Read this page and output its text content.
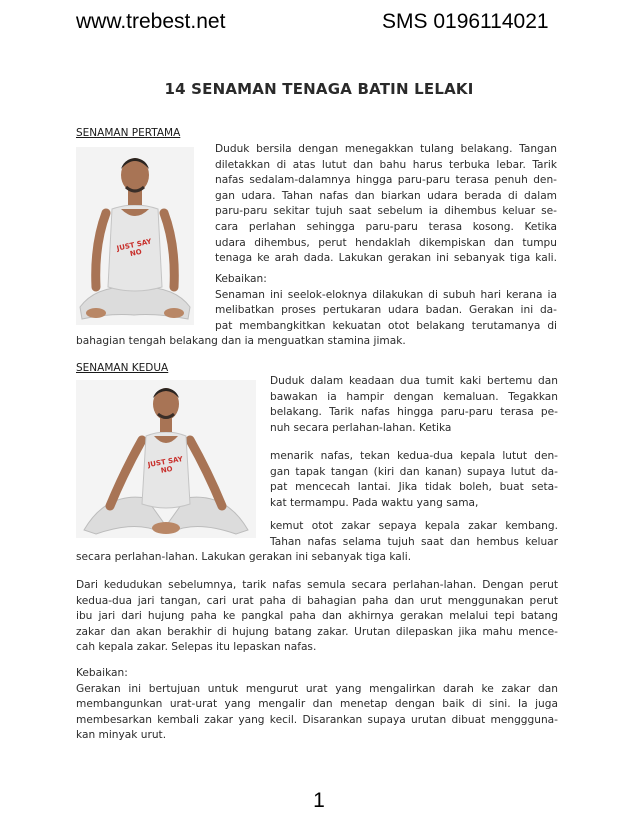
www.trebest.net	SMS 0196114021
14 SENAMAN TENAGA BATIN LELAKI
SENAMAN PERTAMA
JUST SAY NO
Duduk bersila dengan menegakkan tulang belakang. Tangan
diletakkan di atas lutut dan bahu harus terbuka lebar. Tarik
nafas sedalam-dalamnya hingga paru-paru terasa penuh den-
gan udara. Tahan nafas dan biarkan udara berada di dalam
paru-paru sekitar tujuh saat sebelum ia dihembus keluar se-
cara perlahan sehingga paru-paru terasa kosong. Ketika
udara dihembus, perut hendaklah dikempiskan dan tumpu
tenaga ke arah dada. Lakukan gerakan ini sebanyak tiga kali.
Kebaikan:
Senaman ini seelok-eloknya dilakukan di subuh hari kerana ia
melibatkan proses pertukaran udara badan. Gerakan ini da-
pat membangkitkan kekuatan otot belakang terutamanya di
bahagian tengah belakang dan ia menguatkan stamina jimak.
SENAMAN KEDUA
JUST SAY NO
Duduk dalam keadaan dua tumit kaki bertemu dan
bawakan ia hampir dengan kemaluan. Tegakkan
belakang. Tarik nafas hingga paru-paru terasa pe-
nuh secara perlahan-lahan. Ketika
menarik nafas, tekan kedua-dua kepala lutut den-
gan tapak tangan (kiri dan kanan) supaya lutut da-
pat mencecah lantai. Jika tidak boleh, buat seta-
kat termampu. Pada waktu yang sama,
kemut otot zakar sepaya kepala zakar kembang.
Tahan nafas selama tujuh saat dan hembus keluar
secara perlahan-lahan. Lakukan gerakan ini sebanyak tiga kali.
Dari kedudukan sebelumnya, tarik nafas semula secara perlahan-lahan. Dengan perut
kedua-dua jari tangan, cari urat paha di bahagian paha dan urut menggunakan perut
ibu jari dari hujung paha ke pangkal paha dan akhirnya gerakan melalui tepi batang
zakar dan akan berakhir di hujung batang zakar. Urutan dilepaskan jika mahu mence-
cah kepala zakar. Selepas itu lepaskan nafas.
Kebaikan:
Gerakan ini bertujuan untuk mengurut urat yang mengalirkan darah ke zakar dan
membangunkan urat-urat yang mengalir dan menetap dengan baik di sini. Ia juga
membesarkan kembali zakar yang kecil. Disarankan supaya urutan dibuat menggguna-
kan minyak urut.
1
